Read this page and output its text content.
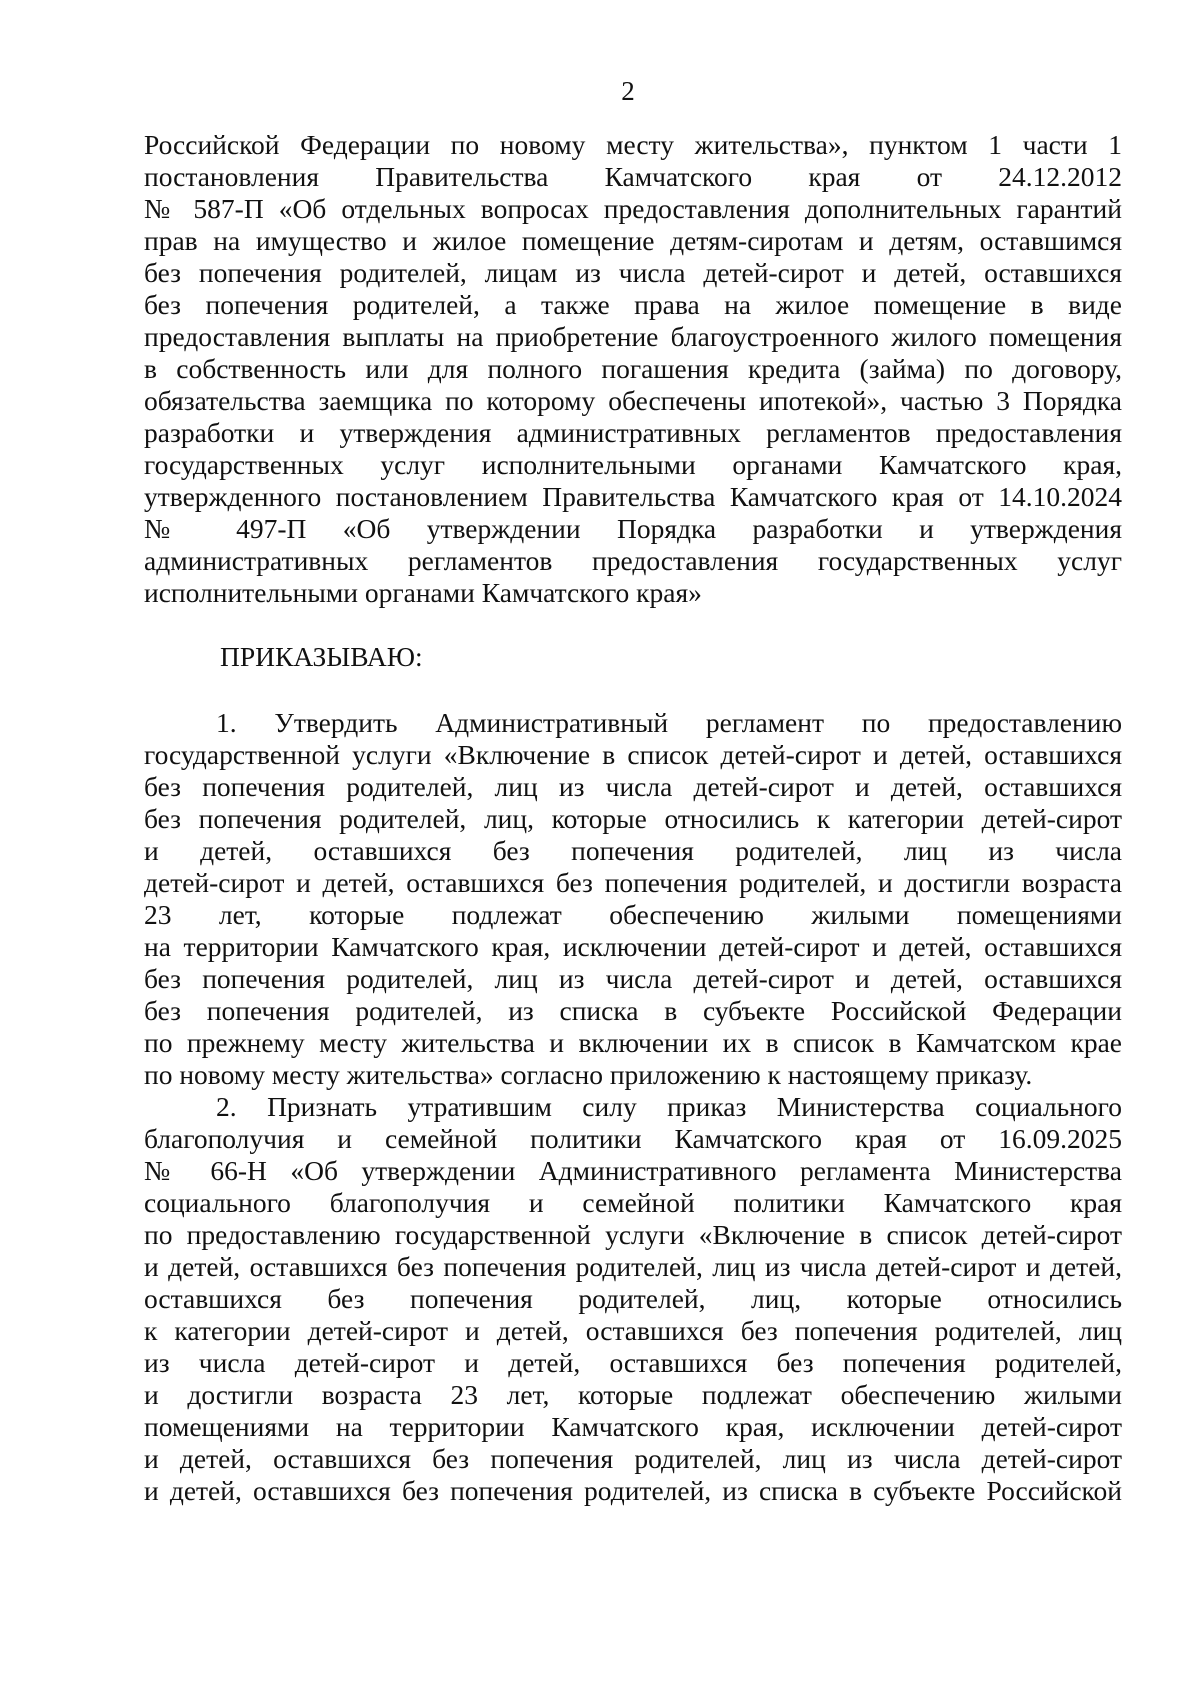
2
Российской Федерации по новому месту жительства», пунктом 1 части 1
постановления Правительства Камчатского края от 24.12.2012
№ 587-П «Об отдельных вопросах предоставления дополнительных гарантий
прав на имущество и жилое помещение детям-сиротам и детям, оставшимся
без попечения родителей, лицам из числа детей-сирот и детей, оставшихся
без попечения родителей, а также права на жилое помещение в виде
предоставления выплаты на приобретение благоустроенного жилого помещения
в собственность или для полного погашения кредита (займа) по договору,
обязательства заемщика по которому обеспечены ипотекой», частью 3 Порядка
разработки и утверждения административных регламентов предоставления
государственных услуг исполнительными органами Камчатского края,
утвержденного постановлением Правительства Камчатского края от 14.10.2024
№ 497-П «Об утверждении Порядка разработки и утверждения
административных регламентов предоставления государственных услуг
исполнительными органами Камчатского края»
ПРИКАЗЫВАЮ:
1. Утвердить Административный регламент по предоставлению
государственной услуги «Включение в список детей-сирот и детей, оставшихся
без попечения родителей, лиц из числа детей-сирот и детей, оставшихся
без попечения родителей, лиц, которые относились к категории детей-сирот
и детей, оставшихся без попечения родителей, лиц из числа
детей-сирот и детей, оставшихся без попечения родителей, и достигли возраста
23 лет, которые подлежат обеспечению жилыми помещениями
на территории Камчатского края, исключении детей-сирот и детей, оставшихся
без попечения родителей, лиц из числа детей-сирот и детей, оставшихся
без попечения родителей, из списка в субъекте Российской Федерации
по прежнему месту жительства и включении их в список в Камчатском крае
по новому месту жительства» согласно приложению к настоящему приказу.
2. Признать утратившим силу приказ Министерства социального
благополучия и семейной политики Камчатского края от 16.09.2025
№ 66-Н «Об утверждении Административного регламента Министерства
социального благополучия и семейной политики Камчатского края
по предоставлению государственной услуги «Включение в список детей-сирот
и детей, оставшихся без попечения родителей, лиц из числа детей-сирот и детей,
оставшихся без попечения родителей, лиц, которые относились
к категории детей-сирот и детей, оставшихся без попечения родителей, лиц
из числа детей-сирот и детей, оставшихся без попечения родителей,
и достигли возраста 23 лет, которые подлежат обеспечению жилыми
помещениями на территории Камчатского края, исключении детей-сирот
и детей, оставшихся без попечения родителей, лиц из числа детей-сирот
и детей, оставшихся без попечения родителей, из списка в субъекте Российской
